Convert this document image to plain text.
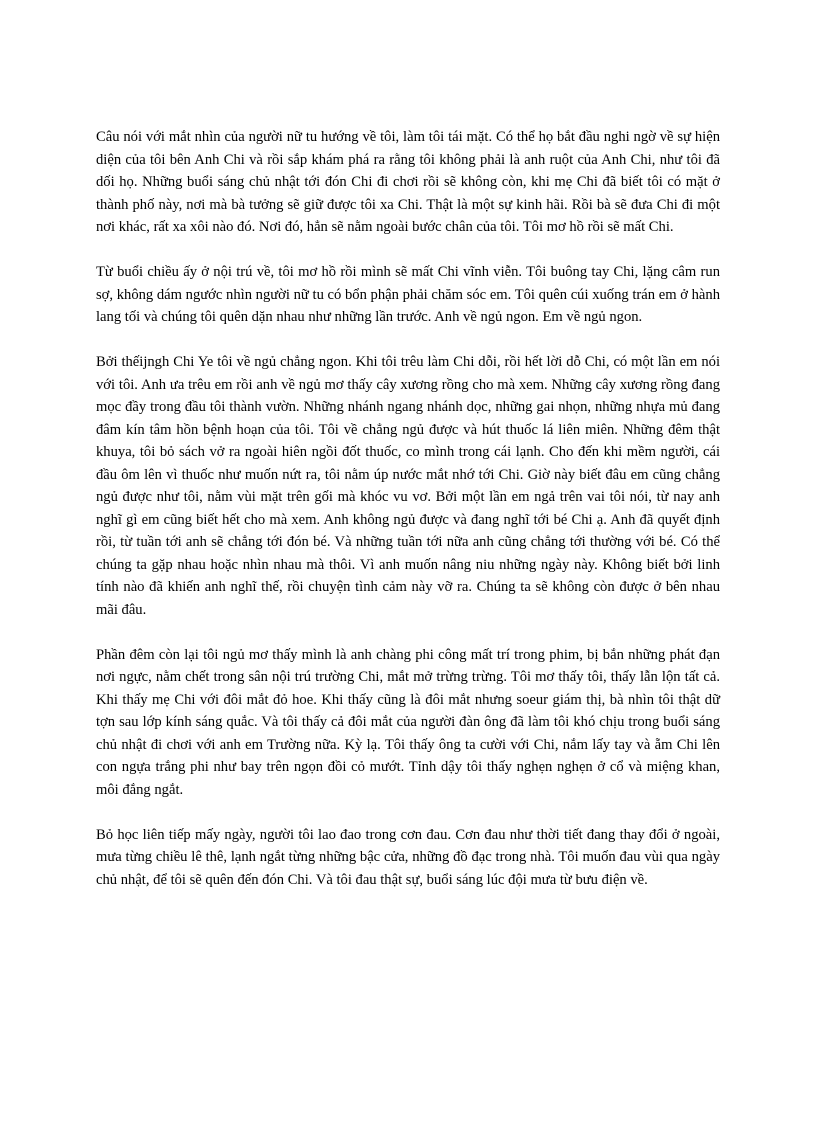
Câu nói với mắt nhìn của người nữ tu hướng về tôi, làm tôi tái mặt. Có thể họ bắt đầu nghi ngờ về sự hiện diện của tôi bên Anh Chi và rồi sắp khám phá ra rằng tôi không phải là anh ruột của Anh Chi, như tôi đã dối họ. Những buổi sáng chủ nhật tới đón Chi đi chơi rồi sẽ không còn, khi mẹ Chi đã biết tôi có mặt ở thành phố này, nơi mà bà tưởng sẽ giữ được tôi xa Chi. Thật là một sự kinh hãi. Rồi bà sẽ đưa Chi đi một nơi khác, rất xa xôi nào đó. Nơi đó, hẳn sẽ nằm ngoài bước chân của tôi. Tôi mơ hồ rồi sẽ mất Chi.

Từ buổi chiều ấy ở nội trú về, tôi mơ hồ rồi mình sẽ mất Chi vĩnh viễn. Tôi buông tay Chi, lặng câm run sợ, không dám ngước nhìn người nữ tu có bổn phận phải chăm sóc em. Tôi quên cúi xuống trán em ở hành lang tối và chúng tôi quên dặn nhau như những lần trước. Anh về ngủ ngon. Em về ngủ ngon.

Bởi thếijngh Chi Ye tôi về ngủ chẳng ngon. Khi tôi trêu làm Chi dỗi, rồi hết lời dỗ Chi, có một lần em nói với tôi. Anh ưa trêu em rồi anh về ngủ mơ thấy cây xương rồng cho mà xem. Những cây xương rồng đang mọc đầy trong đầu tôi thành vườn. Những nhánh ngang nhánh dọc, những gai nhọn, những nhựa mủ đang đâm kín tâm hồn bệnh hoạn của tôi. Tôi về chẳng ngủ được và hút thuốc lá liên miên. Những đêm thật khuya, tôi bỏ sách vở ra ngoài hiên ngồi đốt thuốc, co mình trong cái lạnh. Cho đến khi mềm người, cái đầu ôm lên vì thuốc như muốn nứt ra, tôi nằm úp nước mắt nhớ tới Chi. Giờ này biết đâu em cũng chẳng ngủ được như tôi, nằm vùi mặt trên gối mà khóc vu vơ. Bởi một lần em ngả trên vai tôi nói, từ nay anh nghĩ gì em cũng biết hết cho mà xem. Anh không ngủ được và đang nghĩ tới bé Chi ạ. Anh đã quyết định rồi, từ tuần tới anh sẽ chẳng tới đón bé. Và những tuần tới nữa anh cũng chẳng tới thường với bé. Có thể chúng ta gặp nhau hoặc nhìn nhau mà thôi. Vì anh muốn nâng niu những ngày này. Không biết bởi linh tính nào đã khiến anh nghĩ thế, rồi chuyện tình cảm này vỡ ra. Chúng ta sẽ không còn được ở bên nhau mãi đâu.

Phần đêm còn lại tôi ngủ mơ thấy mình là anh chàng phi công mất trí trong phim, bị bắn những phát đạn nơi ngực, nằm chết trong sân nội trú trường Chi, mắt mở trừng trừng. Tôi mơ thấy tôi, thấy lẫn lộn tất cả. Khi thấy mẹ Chi với đôi mắt đỏ hoe. Khi thấy cũng là đôi mắt nhưng soeur giám thị, bà nhìn tôi thật dữ tợn sau lớp kính sáng quắc. Và tôi thấy cả đôi mắt của người đàn ông đã làm tôi khó chịu trong buổi sáng chủ nhật đi chơi với anh em Trường nữa. Kỳ lạ. Tôi thấy ông ta cười với Chi, nắm lấy tay và ẵm Chi lên con ngựa trắng phi như bay trên ngọn đồi cỏ mướt. Tỉnh dậy tôi thấy nghẹn nghẹn ở cổ và miệng khan, môi đắng ngắt.

Bỏ học liên tiếp mấy ngày, người tôi lao đao trong cơn đau. Cơn đau như thời tiết đang thay đổi ở ngoài, mưa từng chiều lê thê, lạnh ngắt từng những bậc cửa, những đồ đạc trong nhà. Tôi muốn đau vùi qua ngày chủ nhật, để tôi sẽ quên đến đón Chi. Và tôi đau thật sự, buổi sáng lúc đội mưa từ bưu điện về.
